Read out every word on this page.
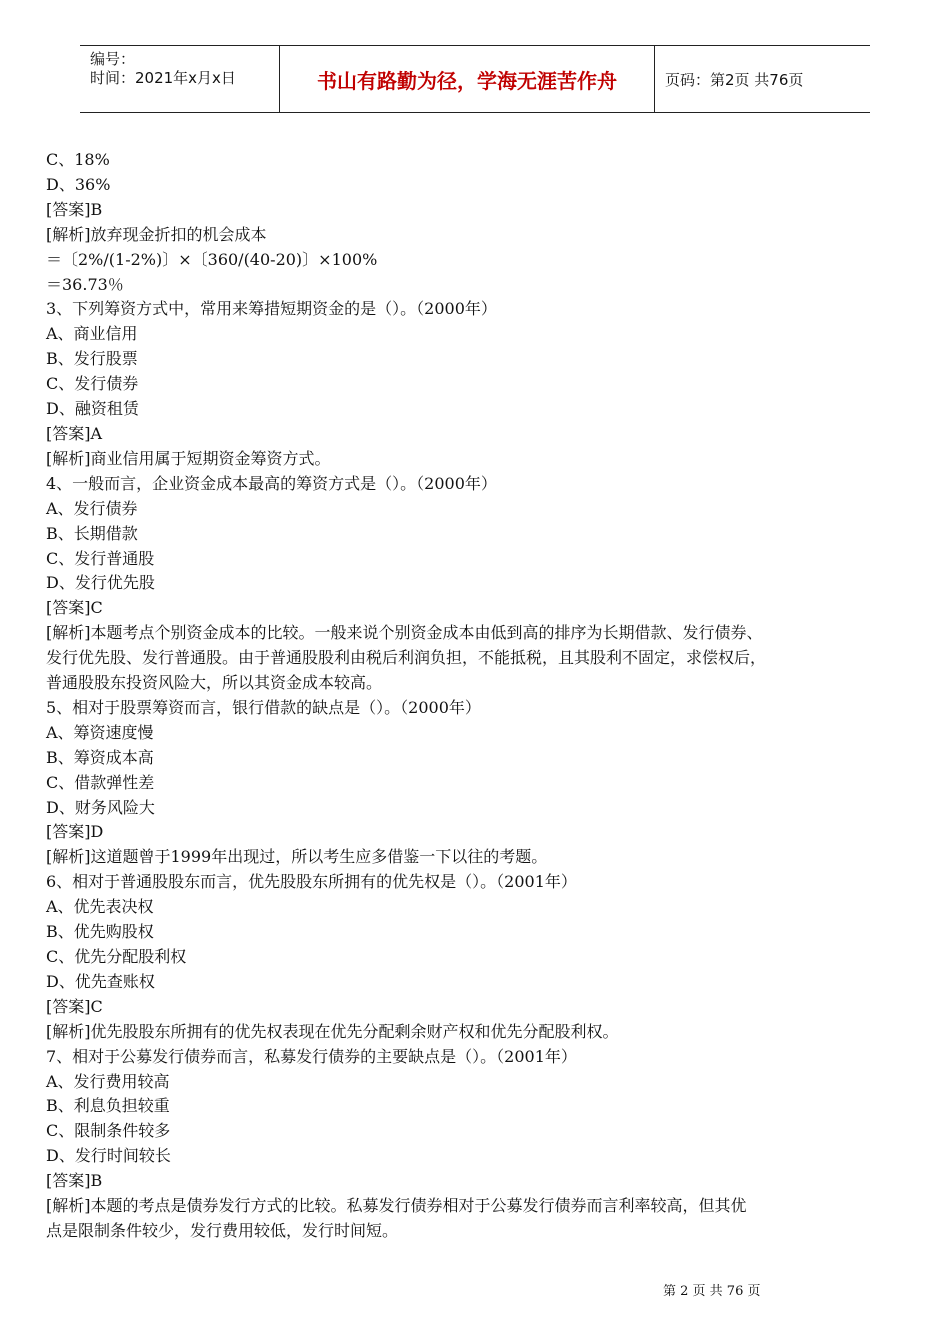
编号：
时间：2021年x月x日	书山有路勤为径，学海无涯苦作舟	页码：第2页 共76页
C、18%
D、36%
[答案]B
[解析]放弃现金折扣的机会成本
＝〔2%/(1-2%)〕×〔360/(40-20)〕×100%
＝36.73％
3、下列筹资方式中，常用来筹措短期资金的是（）。（2000年）
A、商业信用
B、发行股票
C、发行债券
D、融资租赁
[答案]A
[解析]商业信用属于短期资金筹资方式。
4、一般而言，企业资金成本最高的筹资方式是（）。（2000年）
A、发行债券
B、长期借款
C、发行普通股
D、发行优先股
[答案]C
[解析]本题考点个别资金成本的比较。一般来说个别资金成本由低到高的排序为长期借款、发行债券、
发行优先股、发行普通股。由于普通股股利由税后利润负担，不能抵税，且其股利不固定，求偿权后，
普通股股东投资风险大，所以其资金成本较高。
5、相对于股票筹资而言，银行借款的缺点是（）。（2000年）
A、筹资速度慢
B、筹资成本高
C、借款弹性差
D、财务风险大
[答案]D
[解析]这道题曾于1999年出现过，所以考生应多借鉴一下以往的考题。
6、相对于普通股股东而言，优先股股东所拥有的优先权是（）。（2001年）
A、优先表决权
B、优先购股权
C、优先分配股利权
D、优先查账权
[答案]C
[解析]优先股股东所拥有的优先权表现在优先分配剩余财产权和优先分配股利权。
7、相对于公募发行债券而言，私募发行债券的主要缺点是（）。（2001年）
A、发行费用较高
B、利息负担较重
C、限制条件较多
D、发行时间较长
[答案]B
[解析]本题的考点是债券发行方式的比较。私募发行债券相对于公募发行债券而言利率较高，但其优
点是限制条件较少，发行费用较低，发行时间短。
第 2 页 共 76 页
